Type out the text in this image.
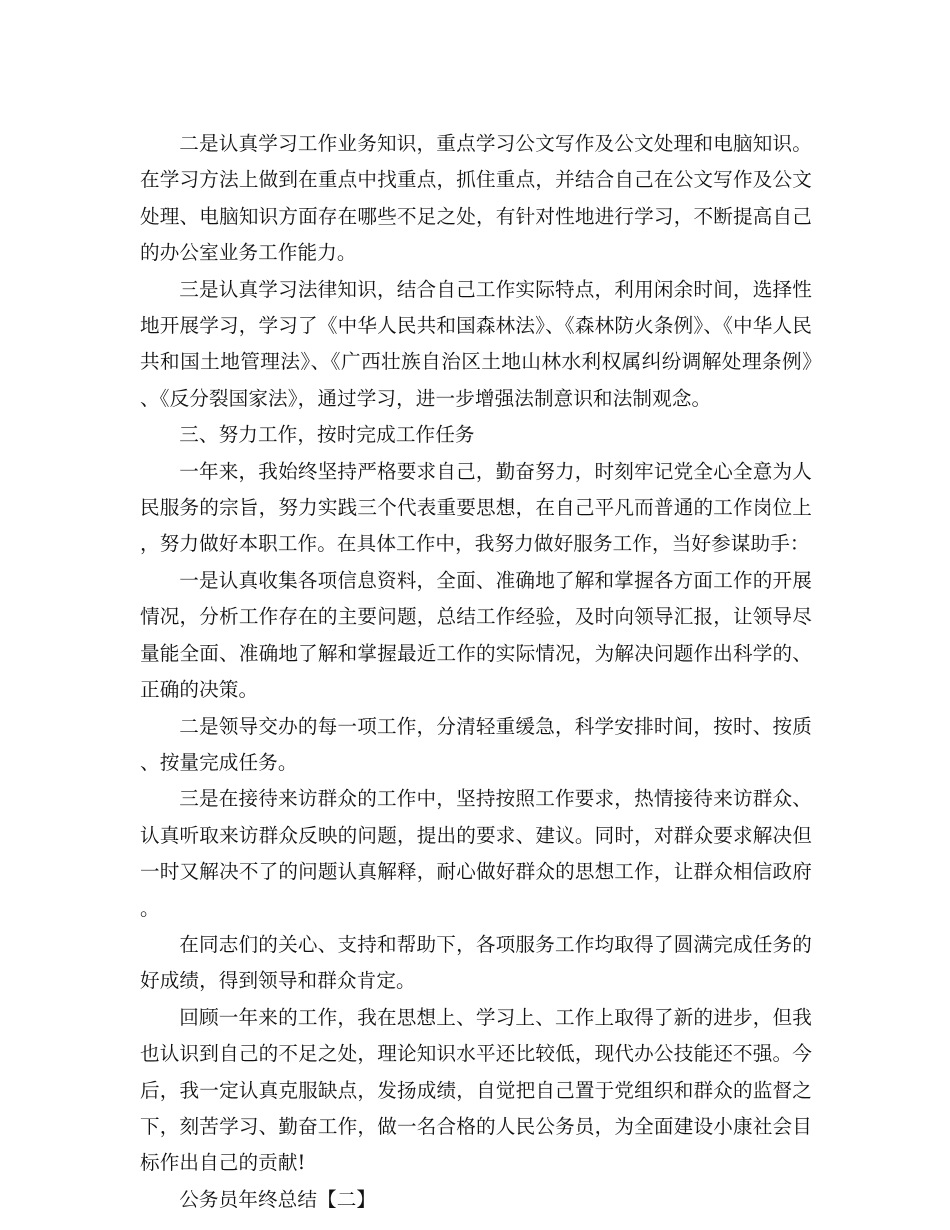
二是认真学习工作业务知识，重点学习公文写作及公文处理和电脑知识。在学习方法上做到在重点中找重点，抓住重点，并结合自己在公文写作及公文处理、电脑知识方面存在哪些不足之处，有针对性地进行学习，不断提高自己的办公室业务工作能力。

三是认真学习法律知识，结合自己工作实际特点，利用闲余时间，选择性地开展学习，学习了《中华人民共和国森林法》、《森林防火条例》、《中华人民共和国土地管理法》、《广西壮族自治区土地山林水利权属纠纷调解处理条例》、《反分裂国家法》，通过学习，进一步增强法制意识和法制观念。

三、努力工作，按时完成工作任务

一年来，我始终坚持严格要求自己，勤奋努力，时刻牢记党全心全意为人民服务的宗旨，努力实践三个代表重要思想，在自己平凡而普通的工作岗位上，努力做好本职工作。在具体工作中，我努力做好服务工作，当好参谋助手：

一是认真收集各项信息资料，全面、准确地了解和掌握各方面工作的开展情况，分析工作存在的主要问题，总结工作经验，及时向领导汇报，让领导尽量能全面、准确地了解和掌握最近工作的实际情况，为解决问题作出科学的、正确的决策。

二是领导交办的每一项工作，分清轻重缓急，科学安排时间，按时、按质、按量完成任务。

三是在接待来访群众的工作中，坚持按照工作要求，热情接待来访群众、认真听取来访群众反映的问题，提出的要求、建议。同时，对群众要求解决但一时又解决不了的问题认真解释，耐心做好群众的思想工作，让群众相信政府。

在同志们的关心、支持和帮助下，各项服务工作均取得了圆满完成任务的好成绩，得到领导和群众肯定。

回顾一年来的工作，我在思想上、学习上、工作上取得了新的进步，但我也认识到自己的不足之处，理论知识水平还比较低，现代办公技能还不强。今后，我一定认真克服缺点，发扬成绩，自觉把自己置于党组织和群众的监督之下，刻苦学习、勤奋工作，做一名合格的人民公务员，为全面建设小康社会目标作出自己的贡献!

公务员年终总结【二】
